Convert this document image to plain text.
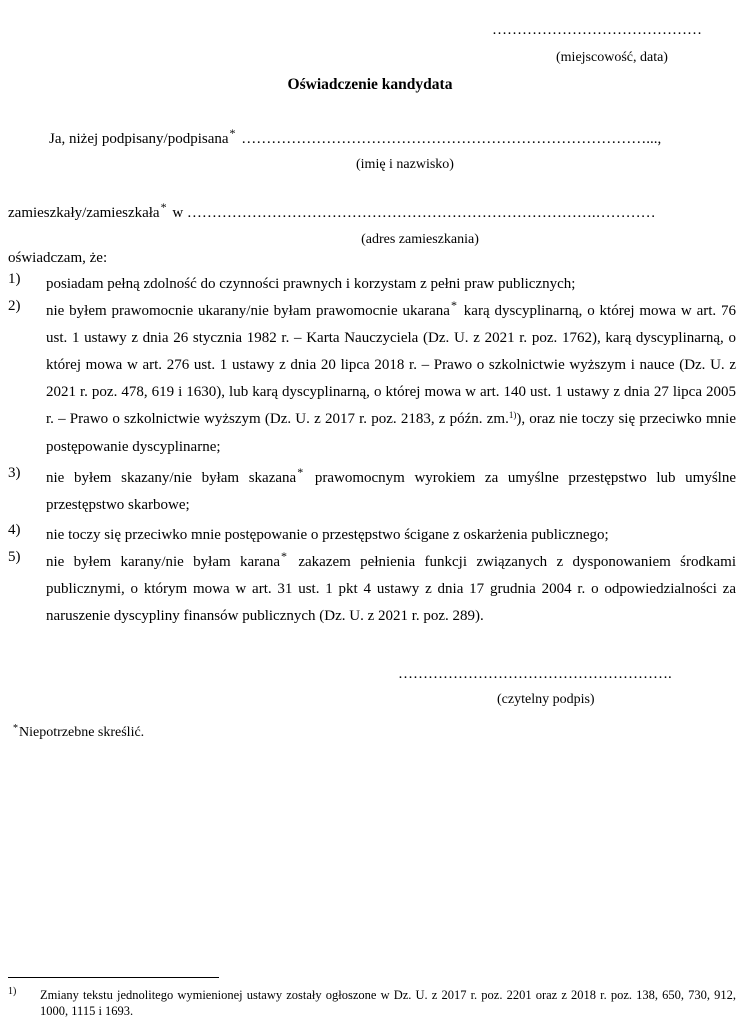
……………………………………
(miejscowość, data)
Oświadczenie kandydata
Ja, niżej podpisany/podpisana* ………………………………………………………………………...,
(imię i nazwisko)
zamieszkały/zamieszkała* w ……………………………………………………………………….…………
(adres zamieszkania)
oświadczam, że:
1)	posiadam pełną zdolność do czynności prawnych i korzystam z pełni praw publicznych;
2)	nie byłem prawomocnie ukarany/nie byłam prawomocnie ukarana* karą dyscyplinarną, o której mowa w art. 76 ust. 1 ustawy z dnia 26 stycznia 1982 r. – Karta Nauczyciela (Dz. U. z 2021 r. poz. 1762), karą dyscyplinarną, o której mowa w art. 276 ust. 1 ustawy z dnia 20 lipca 2018 r. – Prawo o szkolnictwie wyższym i nauce (Dz. U. z 2021 r. poz. 478, 619 i 1630), lub karą dyscyplinarną, o której mowa w art. 140 ust. 1 ustawy z dnia 27 lipca 2005 r. – Prawo o szkolnictwie wyższym (Dz. U. z 2017 r. poz. 2183, z późn. zm.$^{1)}$), oraz nie toczy się przeciwko mnie postępowanie dyscyplinarne;
3)	nie byłem skazany/nie byłam skazana* prawomocnym wyrokiem za umyślne przestępstwo lub umyślne przestępstwo skarbowe;
4)	nie toczy się przeciwko mnie postępowanie o przestępstwo ścigane z oskarżenia publicznego;
5)	nie byłem karany/nie byłam karana* zakazem pełnienia funkcji związanych z dysponowaniem środkami publicznymi, o którym mowa w art. 31 ust. 1 pkt 4 ustawy z dnia 17 grudnia 2004 r. o odpowiedzialności za naruszenie dyscypliny finansów publicznych (Dz. U. z 2021 r. poz. 289).
……………………………………………….
(czytelny podpis)
*Niepotrzebne skreślić.
1) Zmiany tekstu jednolitego wymienionej ustawy zostały ogłoszone w Dz. U. z 2017 r. poz. 2201 oraz z 2018 r. poz. 138, 650, 730, 912, 1000, 1115 i 1693.
